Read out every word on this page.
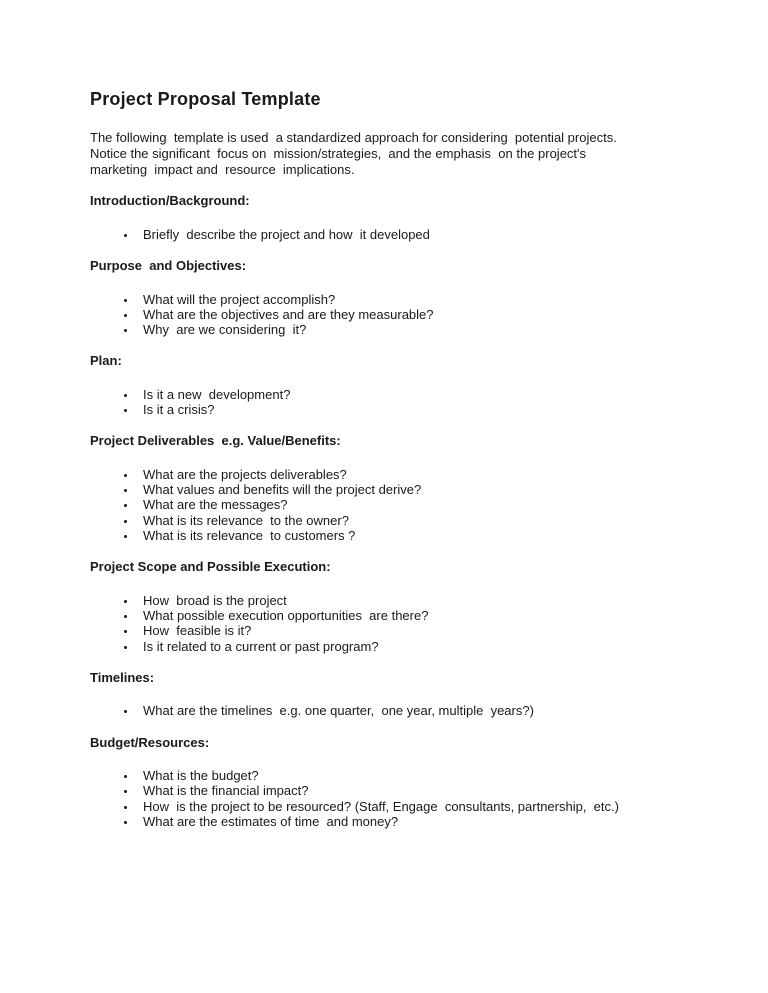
Project Proposal Template
The following  template is used  a standardized approach for considering  potential projects.
Notice the significant  focus on  mission/strategies,  and the emphasis  on the project's
marketing  impact and  resource  implications.
Introduction/Background:
• Briefly  describe the project and how  it developed
Purpose  and Objectives:
• What will the project accomplish?
• What are the objectives and are they measurable?
• Why  are we considering  it?
Plan:
• Is it a new  development?
• Is it a crisis?
Project Deliverables  e.g. Value/Benefits:
• What are the projects deliverables?
• What values and benefits will the project derive?
• What are the messages?
• What is its relevance  to the owner?
• What is its relevance  to customers ?
Project Scope and Possible Execution:
• How  broad is the project
• What possible execution opportunities  are there?
• How  feasible is it?
• Is it related to a current or past program?
Timelines:
• What are the timelines  e.g. one quarter,  one year, multiple  years?)
Budget/Resources:
• What is the budget?
• What is the financial impact?
• How  is the project to be resourced? (Staff, Engage  consultants, partnership,  etc.)
• What are the estimates of time  and money?
